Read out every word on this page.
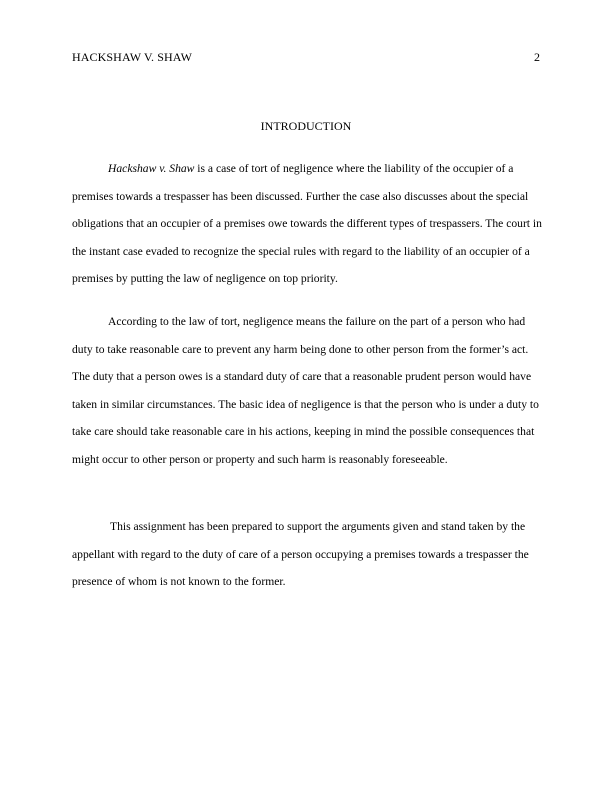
HACKSHAW V. SHAW	2
INTRODUCTION

Hackshaw v. Shaw is a case of tort of negligence where the liability of the occupier of a premises towards a trespasser has been discussed. Further the case also discusses about the special obligations that an occupier of a premises owe towards the different types of trespassers. The court in the instant case evaded to recognize the special rules with regard to the liability of an occupier of a premises by putting the law of negligence on top priority.

According to the law of tort, negligence means the failure on the part of a person who had duty to take reasonable care to prevent any harm being done to other person from the former’s act. The duty that a person owes is a standard duty of care that a reasonable prudent person would have taken in similar circumstances. The basic idea of negligence is that the person who is under a duty to take care should take reasonable care in his actions, keeping in mind the possible consequences that might occur to other person or property and such harm is reasonably foreseeable.

This assignment has been prepared to support the arguments given and stand taken by the appellant with regard to the duty of care of a person occupying a premises towards a trespasser the presence of whom is not known to the former.
